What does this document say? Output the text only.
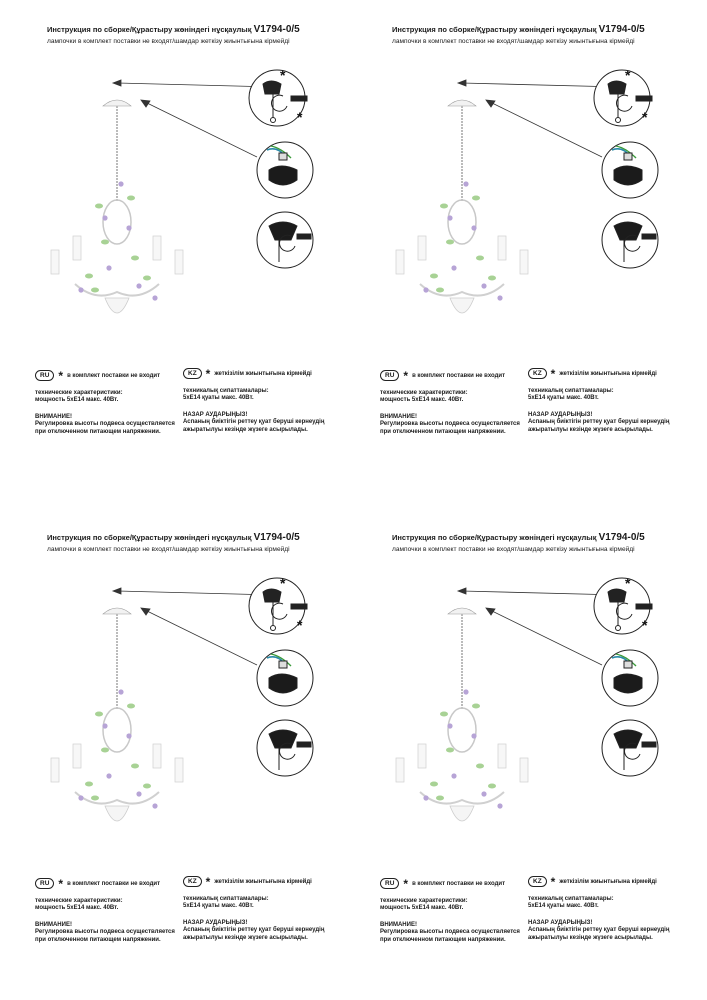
Инструкция по сборке/Құрастыру жөніндегі нұсқаулық V1794-0/5
лампочки в комплект поставки не входят/шамдар жеткізу жиынтығына кірмейді
*
*
RU * в комплект поставки не входит	KZ * жеткізілім жиынтығына кірмейді
технические характеристики:
мощность 5xE14 макс. 40Вт.
ВНИМАНИЕ!
Регулировка высоты подвеса осуществляется
при отключенном питающем напряжении.
техникалық сипаттамалары:
5xE14 қуаты макс. 40Вт.
НАЗАР АУДАРЫҢЫЗ!
Аспаның биіктігін реттеу қуат беруші кернеудің
ажыратылуы кезінде жүзеге асырылады.
Инструкция по сборке/Құрастыру жөніндегі нұсқаулық V1794-0/5
лампочки в комплект поставки не входят/шамдар жеткізу жиынтығына кірмейді
*
*
RU * в комплект поставки не входит	KZ * жеткізілім жиынтығына кірмейді
технические характеристики:
мощность 5xE14 макс. 40Вт.
ВНИМАНИЕ!
Регулировка высоты подвеса осуществляется
при отключенном питающем напряжении.
техникалық сипаттамалары:
5xE14 қуаты макс. 40Вт.
НАЗАР АУДАРЫҢЫЗ!
Аспаның биіктігін реттеу қуат беруші кернеудің
ажыратылуы кезінде жүзеге асырылады.
Инструкция по сборке/Құрастыру жөніндегі нұсқаулық V1794-0/5
лампочки в комплект поставки не входят/шамдар жеткізу жиынтығына кірмейді
*
*
RU * в комплект поставки не входит	KZ * жеткізілім жиынтығына кірмейді
технические характеристики:
мощность 5xE14 макс. 40Вт.
ВНИМАНИЕ!
Регулировка высоты подвеса осуществляется
при отключенном питающем напряжении.
техникалық сипаттамалары:
5xE14 қуаты макс. 40Вт.
НАЗАР АУДАРЫҢЫЗ!
Аспаның биіктігін реттеу қуат беруші кернеудің
ажыратылуы кезінде жүзеге асырылады.
Инструкция по сборке/Құрастыру жөніндегі нұсқаулық V1794-0/5
лампочки в комплект поставки не входят/шамдар жеткізу жиынтығына кірмейді
*
*
RU * в комплект поставки не входит	KZ * жеткізілім жиынтығына кірмейді
технические характеристики:
мощность 5xE14 макс. 40Вт.
ВНИМАНИЕ!
Регулировка высоты подвеса осуществляется
при отключенном питающем напряжении.
техникалық сипаттамалары:
5xE14 қуаты макс. 40Вт.
НАЗАР АУДАРЫҢЫЗ!
Аспаның биіктігін реттеу қуат беруші кернеудің
ажыратылуы кезінде жүзеге асырылады.
